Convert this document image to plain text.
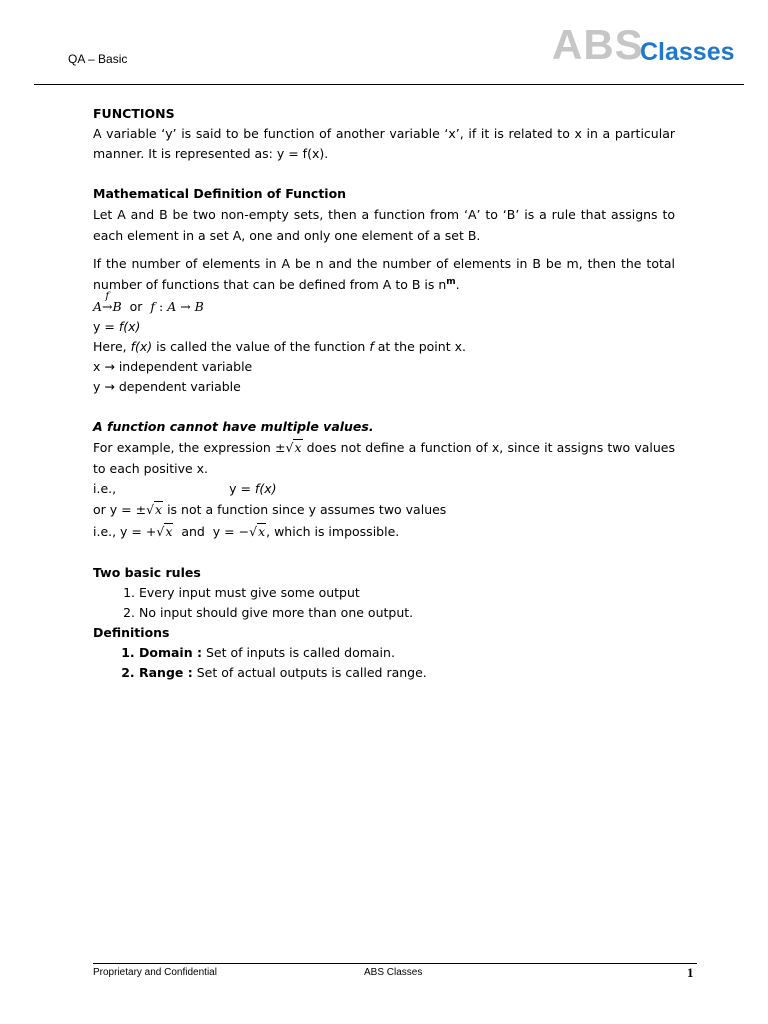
QA – Basic	ABS
Classes

FUNCTIONS

A variable ‘y’ is said to be function of another variable ‘x’, if it is related to x in a particular manner. It is represented as: y = f(x).

Mathematical Definition of Function

Let A and B be two non-empty sets, then a function from ‘A’ to ‘B’ is a rule that assigns to each element in a set A, one and only one element of a set B.

If the number of elements in A be n and the number of elements in B be m, then the total number of functions that can be defined from A to B is $n^m$.

A
f
→B or f : A → B

y = f(x)

Here, f(x) is called the value of the function f at the point x.

x → independent variable

y → dependent variable

A function cannot have multiple values.

For example, the expression ±√x does not define a function of x, since it assigns two values to each positive x.

i.e.,	y = f(x)

or y = ±√x is not a function since y assumes two values

i.e., y = +√x  and  y = −√x, which is impossible.

Two basic rules

1. Every input must give some output
2. No input should give more than one output.

Definitions

1. Domain : Set of inputs is called domain.
2. Range : Set of actual outputs is called range.
Proprietary and Confidential	ABS Classes	1
